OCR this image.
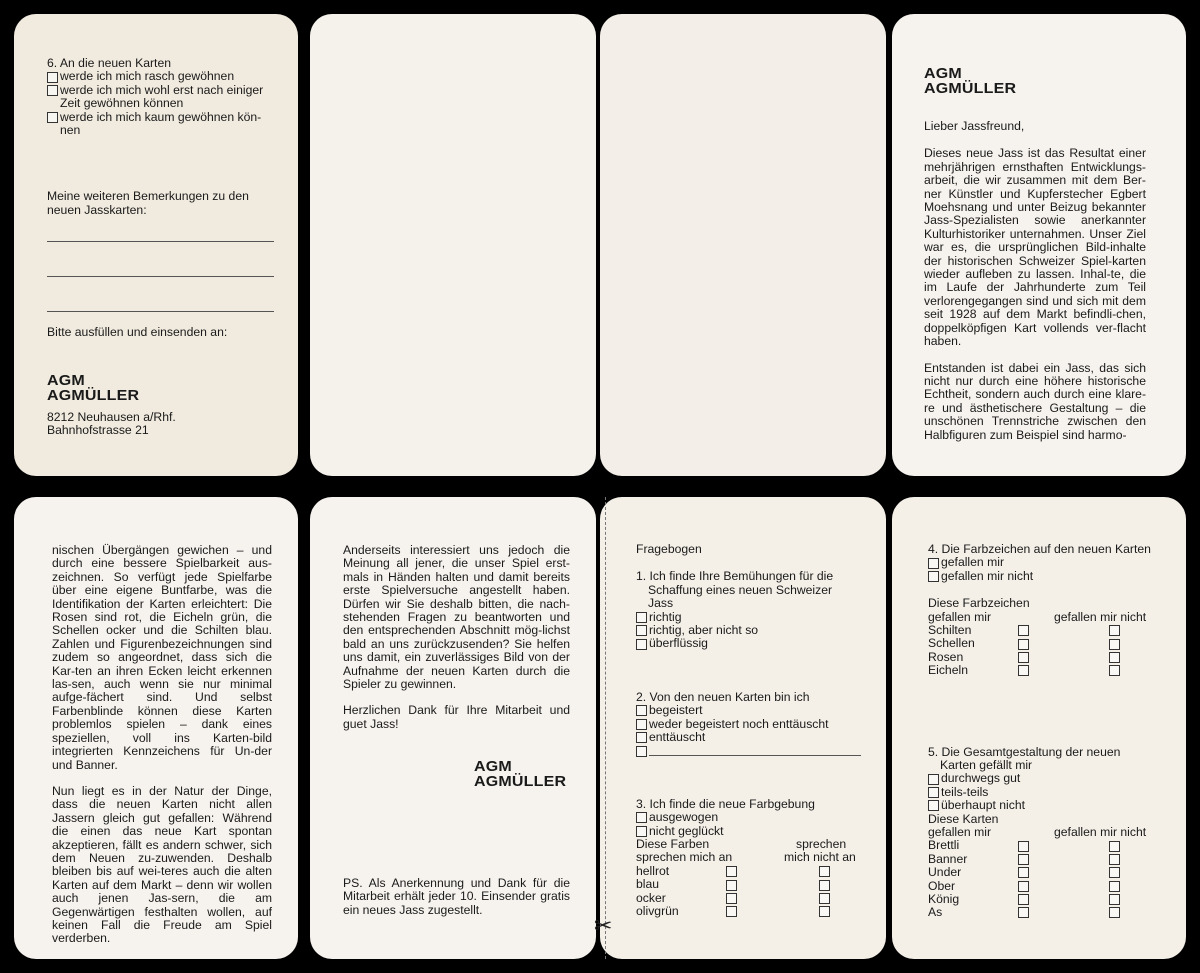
6. An die neuen Karten
werde ich mich rasch gewöhnen
werde ich mich wohl erst nach einiger
Zeit gewöhnen können
werde ich mich kaum gewöhnen kön-
nen
Meine weiteren Bemerkungen zu den
neuen Jasskarten:
Bitte ausfüllen und einsenden an:
AGM
AGMÜLLER
8212 Neuhausen a/Rhf.
Bahnhofstrasse 21
AGM
AGMÜLLER
Lieber Jassfreund,

Dieses neue Jass ist das Resultat einer mehrjährigen ernsthaften Entwicklungs-arbeit, die wir zusammen mit dem Ber-ner Künstler und Kupferstecher Egbert Moehsnang und unter Beizug bekannter Jass-Spezialisten sowie anerkannter Kulturhistoriker unternahmen. Unser Ziel war es, die ursprünglichen Bild-inhalte der historischen Schweizer Spiel-karten wieder aufleben zu lassen. Inhal-te, die im Laufe der Jahrhunderte zum Teil verlorengegangen sind und sich mit dem seit 1928 auf dem Markt befindli-chen, doppelköpfigen Kart vollends ver-flacht haben.

Entstanden ist dabei ein Jass, das sich nicht nur durch eine höhere historische Echtheit, sondern auch durch eine klare-re und ästhetischere Gestaltung – die unschönen Trennstriche zwischen den Halbfiguren zum Beispiel sind harmo-

nischen Übergängen gewichen – und durch eine bessere Spielbarkeit aus-zeichnen. So verfügt jede Spielfarbe über eine eigene Buntfarbe, was die Identifikation der Karten erleichtert: Die Rosen sind rot, die Eicheln grün, die Schellen ocker und die Schilten blau. Zahlen und Figurenbezeichnungen sind zudem so angeordnet, dass sich die Kar-ten an ihren Ecken leicht erkennen las-sen, auch wenn sie nur minimal aufge-fächert sind. Und selbst Farbenblinde können diese Karten problemlos spielen – dank eines speziellen, voll ins Karten-bild integrierten Kennzeichens für Un-der und Banner.

Nun liegt es in der Natur der Dinge, dass die neuen Karten nicht allen Jassern gleich gut gefallen: Während die einen das neue Kart spontan akzeptieren, fällt es andern schwer, sich dem Neuen zu-zuwenden. Deshalb bleiben bis auf wei-teres auch die alten Karten auf dem Markt – denn wir wollen auch jenen Jas-sern, die am Gegenwärtigen festhalten wollen, auf keinen Fall die Freude am Spiel verderben.

Anderseits interessiert uns jedoch die Meinung all jener, die unser Spiel erst-mals in Händen halten und damit bereits erste Spielversuche angestellt haben. Dürfen wir Sie deshalb bitten, die nach-stehenden Fragen zu beantworten und den entsprechenden Abschnitt mög-lichst bald an uns zurückzusenden? Sie helfen uns damit, ein zuverlässiges Bild von der Aufnahme der neuen Karten durch die Spieler zu gewinnen.

Herzlichen Dank für Ihre Mitarbeit und guet Jass!

AGM
AGMÜLLER

PS. Als Anerkennung und Dank für die Mitarbeit erhält jeder 10. Einsender gratis ein neues Jass zugestellt.

✂
Fragebogen
1. Ich finde Ihre Bemühungen für die
Schaffung eines neuen Schweizer
Jass
richtig
richtig, aber nicht so
überflüssig
2. Von den neuen Karten bin ich
begeistert
weder begeistert noch enttäuscht
enttäuscht
3. Ich finde die neue Farbgebung
ausgewogen
nicht geglückt
Diese Farben
sprechen mich an
sprechen
mich nicht an
hellrot
blau
ocker
olivgrün
4. Die Farbzeichen auf den neuen Karten
gefallen mir
gefallen mir nicht
Diese Farbzeichen
gefallen mir	gefallen mir nicht
Schilten
Schellen
Rosen
Eicheln
5. Die Gesamtgestaltung der neuen
Karten gefällt mir
durchwegs gut
teils-teils
überhaupt nicht
Diese Karten
gefallen mir	gefallen mir nicht
Brettli
Banner
Under
Ober
König
As
